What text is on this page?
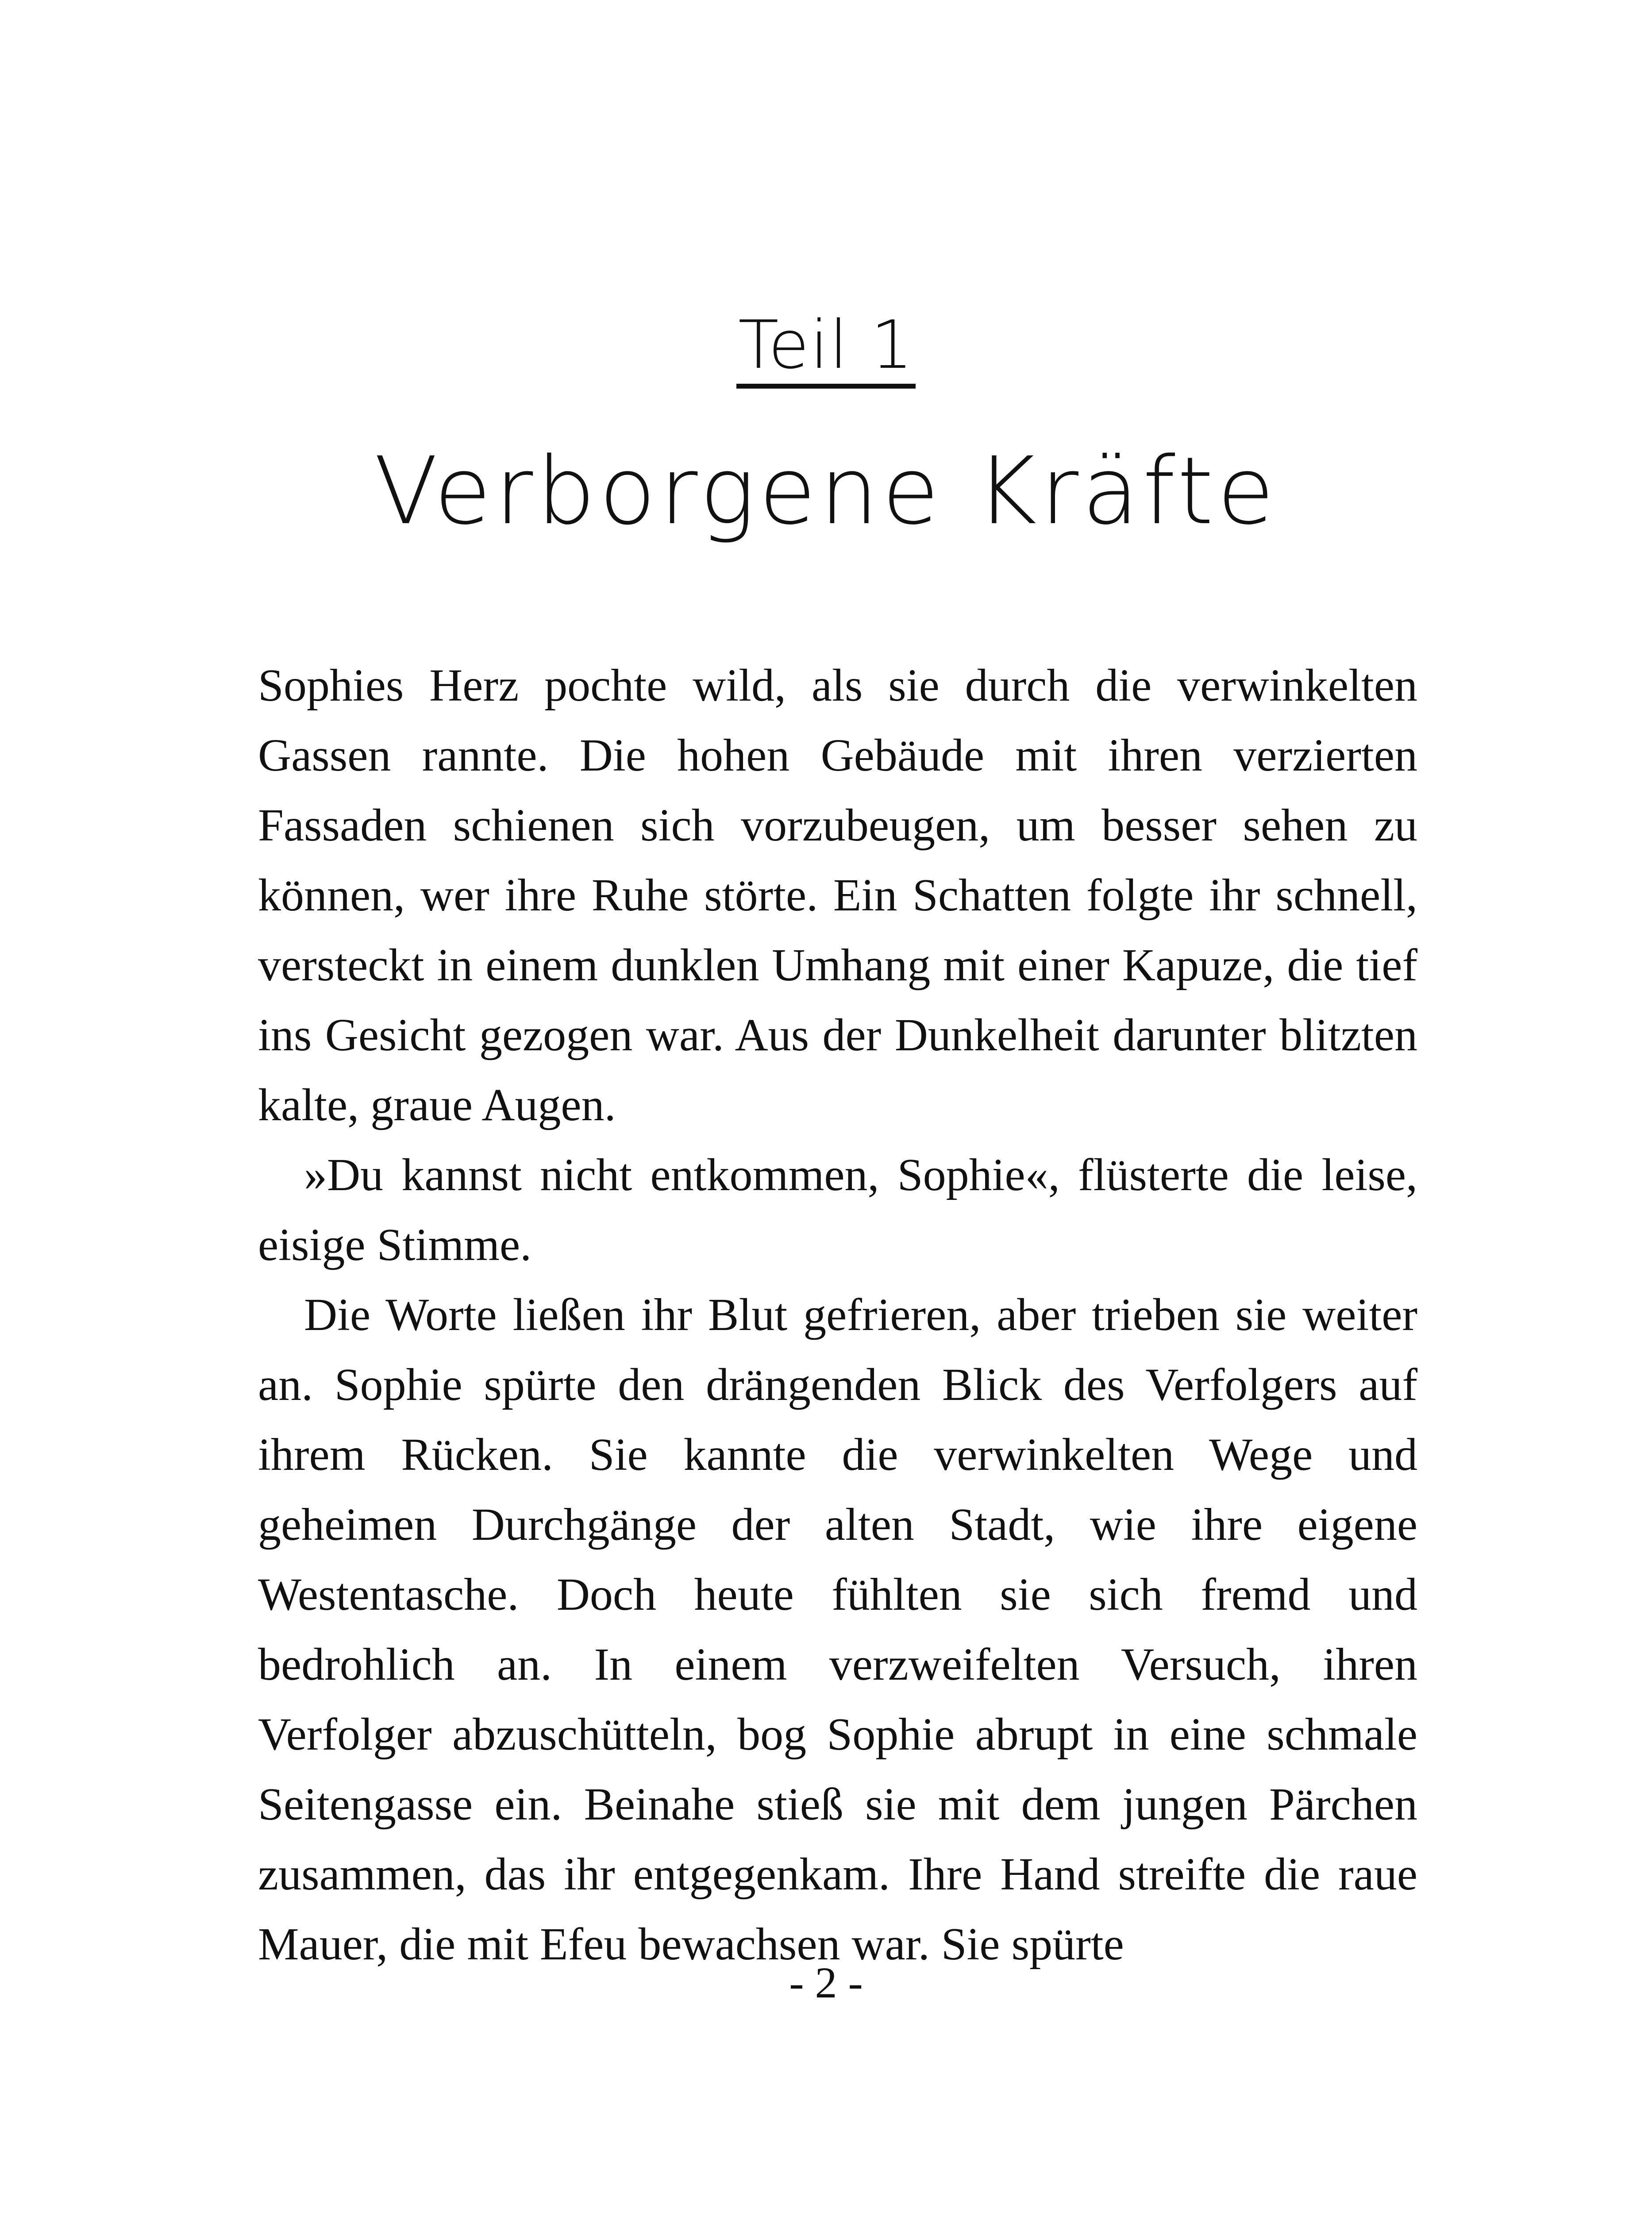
Teil 1
Verborgene Kräfte

Sophies Herz pochte wild, als sie durch die verwinkelten Gassen rannte. Die hohen Gebäude mit ihren verzierten Fassaden schienen sich vorzubeugen, um besser sehen zu können, wer ihre Ruhe störte. Ein Schatten folgte ihr schnell, versteckt in einem dunklen Umhang mit einer Kapuze, die tief ins Gesicht gezogen war. Aus der Dunkelheit darunter blitzten kalte, graue Augen.

»Du kannst nicht entkommen, Sophie«, flüsterte die leise, eisige Stimme.

Die Worte ließen ihr Blut gefrieren, aber trieben sie weiter an. Sophie spürte den drängenden Blick des Verfolgers auf ihrem Rücken. Sie kannte die verwinkelten Wege und geheimen Durchgänge der alten Stadt, wie ihre eigene Westentasche. Doch heute fühlten sie sich fremd und bedrohlich an. In einem verzweifelten Versuch, ihren Verfolger abzuschütteln, bog Sophie abrupt in eine schmale Seitengasse ein. Beinahe stieß sie mit dem jungen Pärchen zusammen, das ihr entgegenkam. Ihre Hand streifte die raue Mauer, die mit Efeu bewachsen war. Sie spürte

- 2 -
